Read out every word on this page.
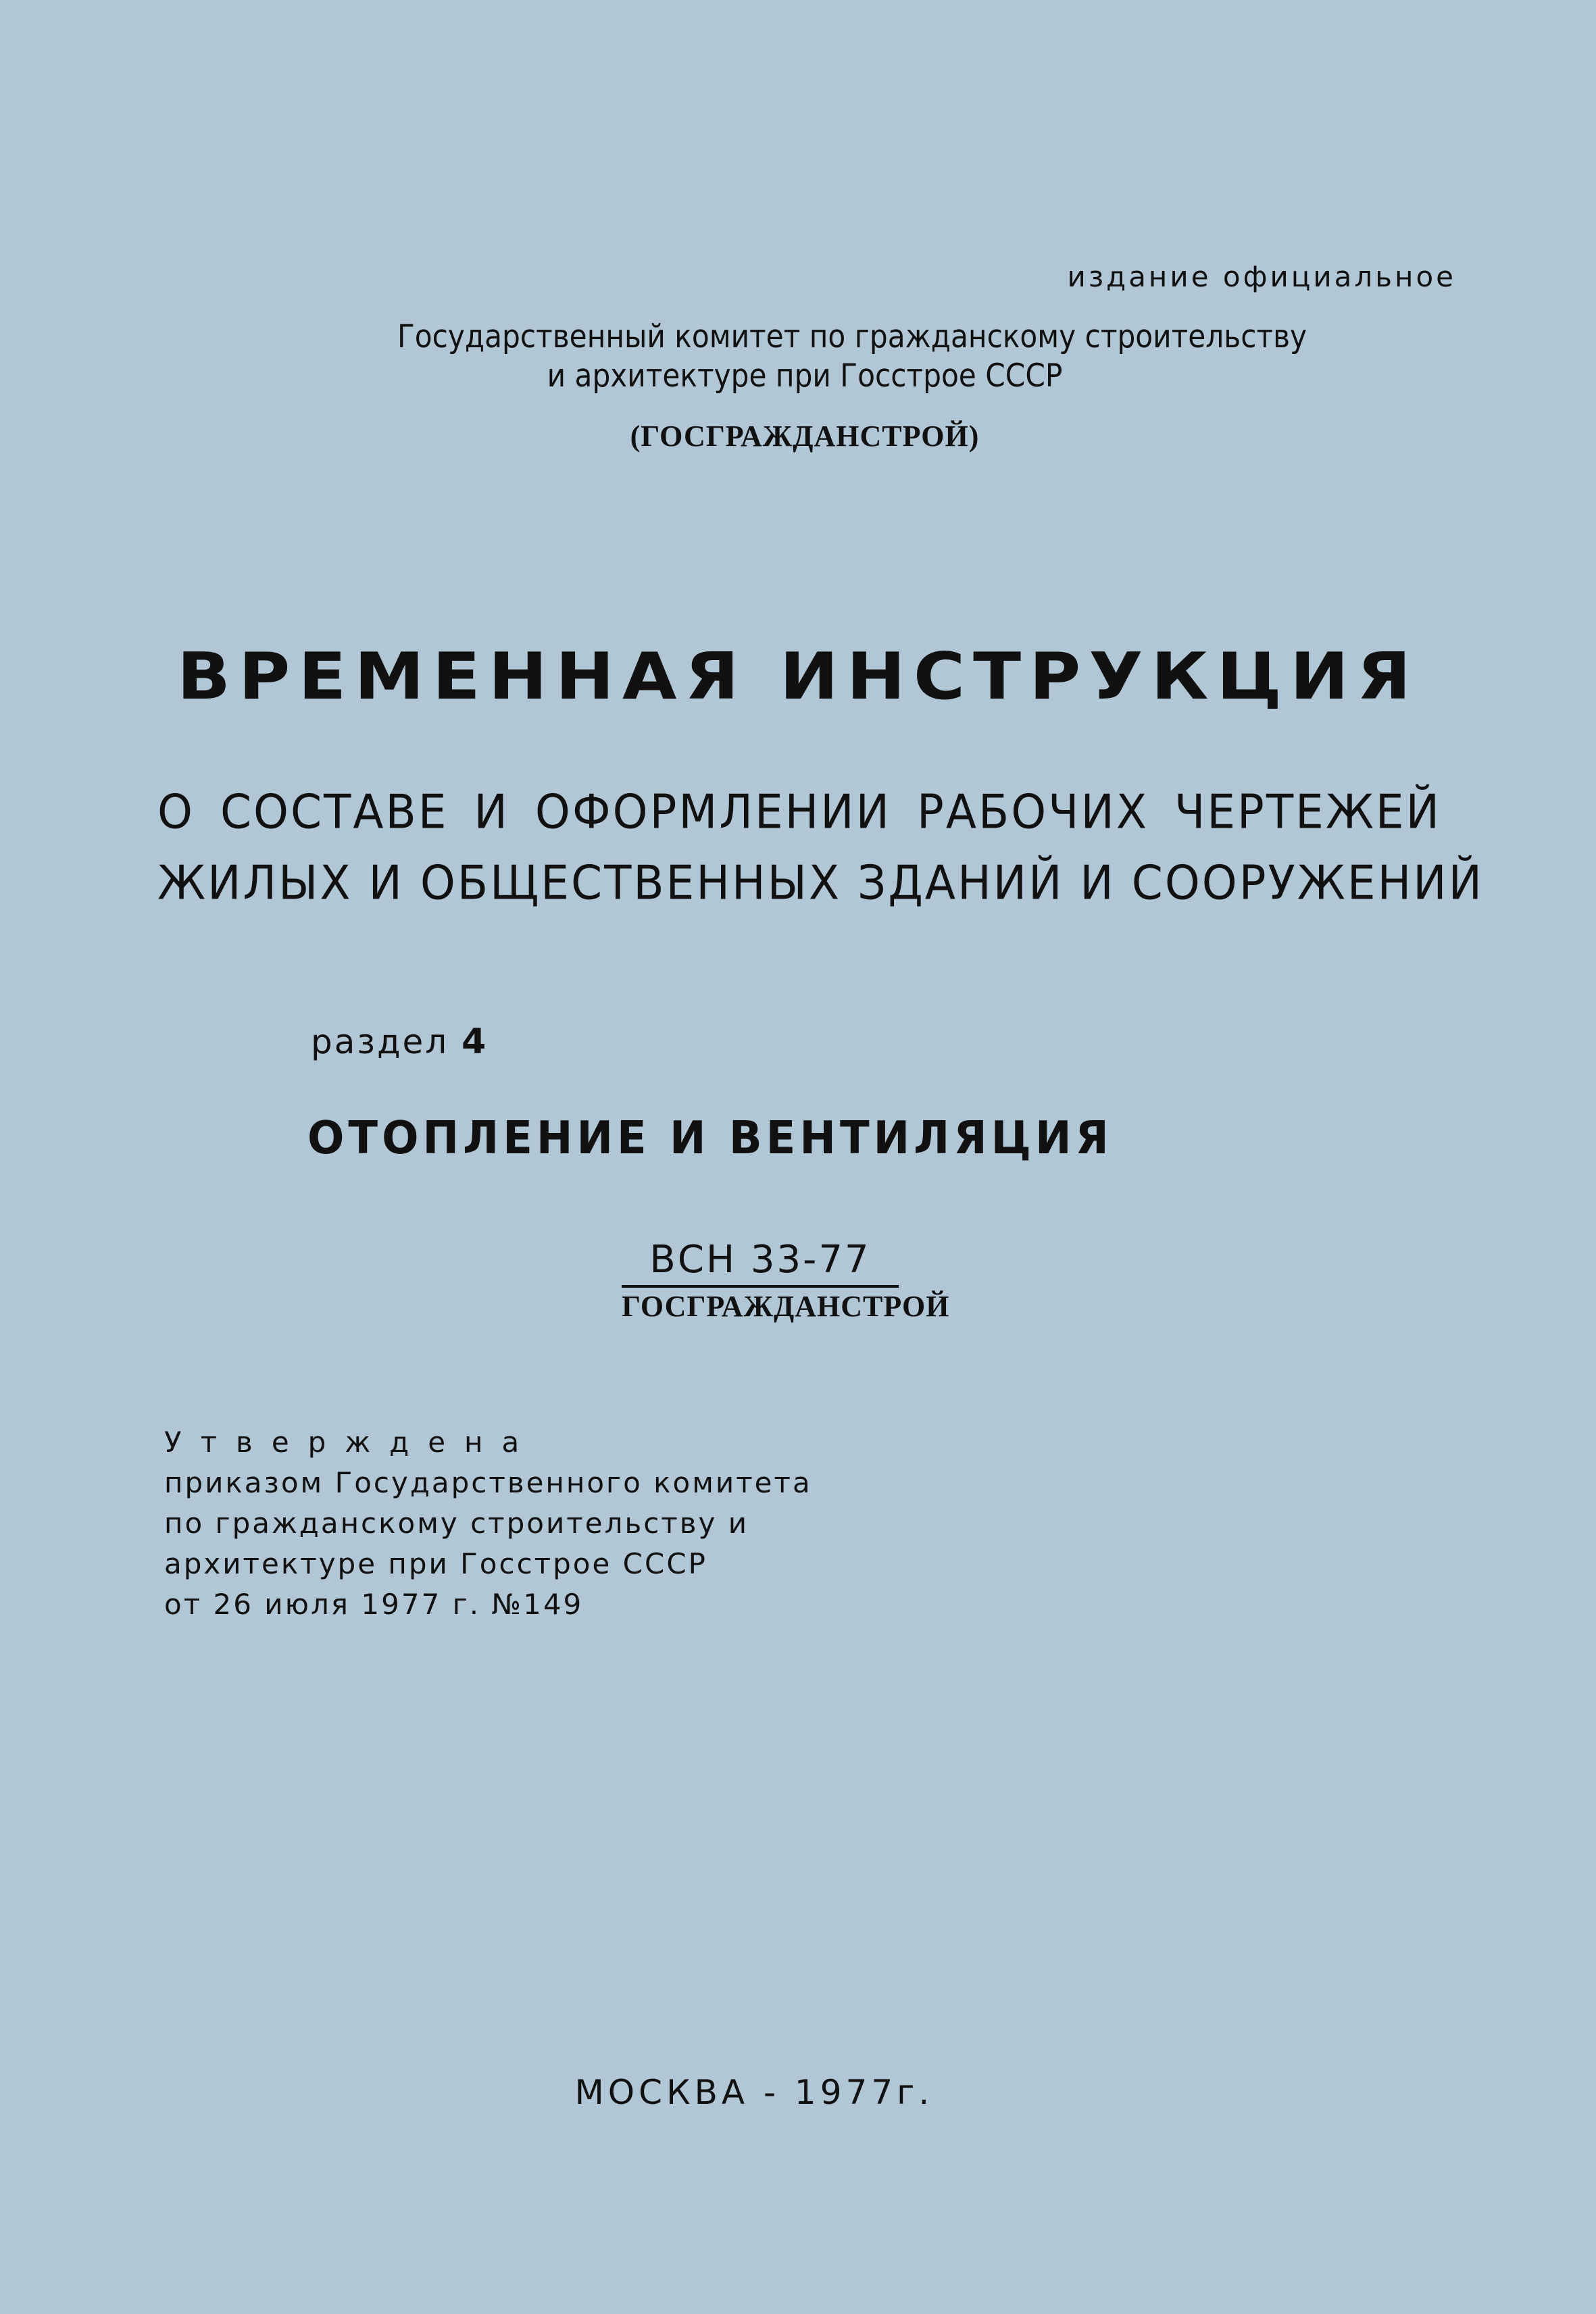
издание официальное
Государственный комитет по гражданскому строительству
и архитектуре при Госстрое СССР
(ГОСГРАЖДАНСТРОЙ)
ВРЕМЕННАЯ ИНСТРУКЦИЯ
О СОСТАВЕ И ОФОРМЛЕНИИ РАБОЧИХ ЧЕРТЕЖЕЙ
ЖИЛЫХ И ОБЩЕСТВЕННЫХ ЗДАНИЙ И СООРУЖЕНИЙ
раздел 4
ОТОПЛЕНИЕ И ВЕНТИЛЯЦИЯ
ВСН 33-77
ГОСГРАЖДАНСТРОЙ
Утверждена
приказом Государственного комитета
по гражданскому строительству и
архитектуре при Госстрое СССР
от 26 июля 1977 г. №149
МОСКВА - 1977г.
